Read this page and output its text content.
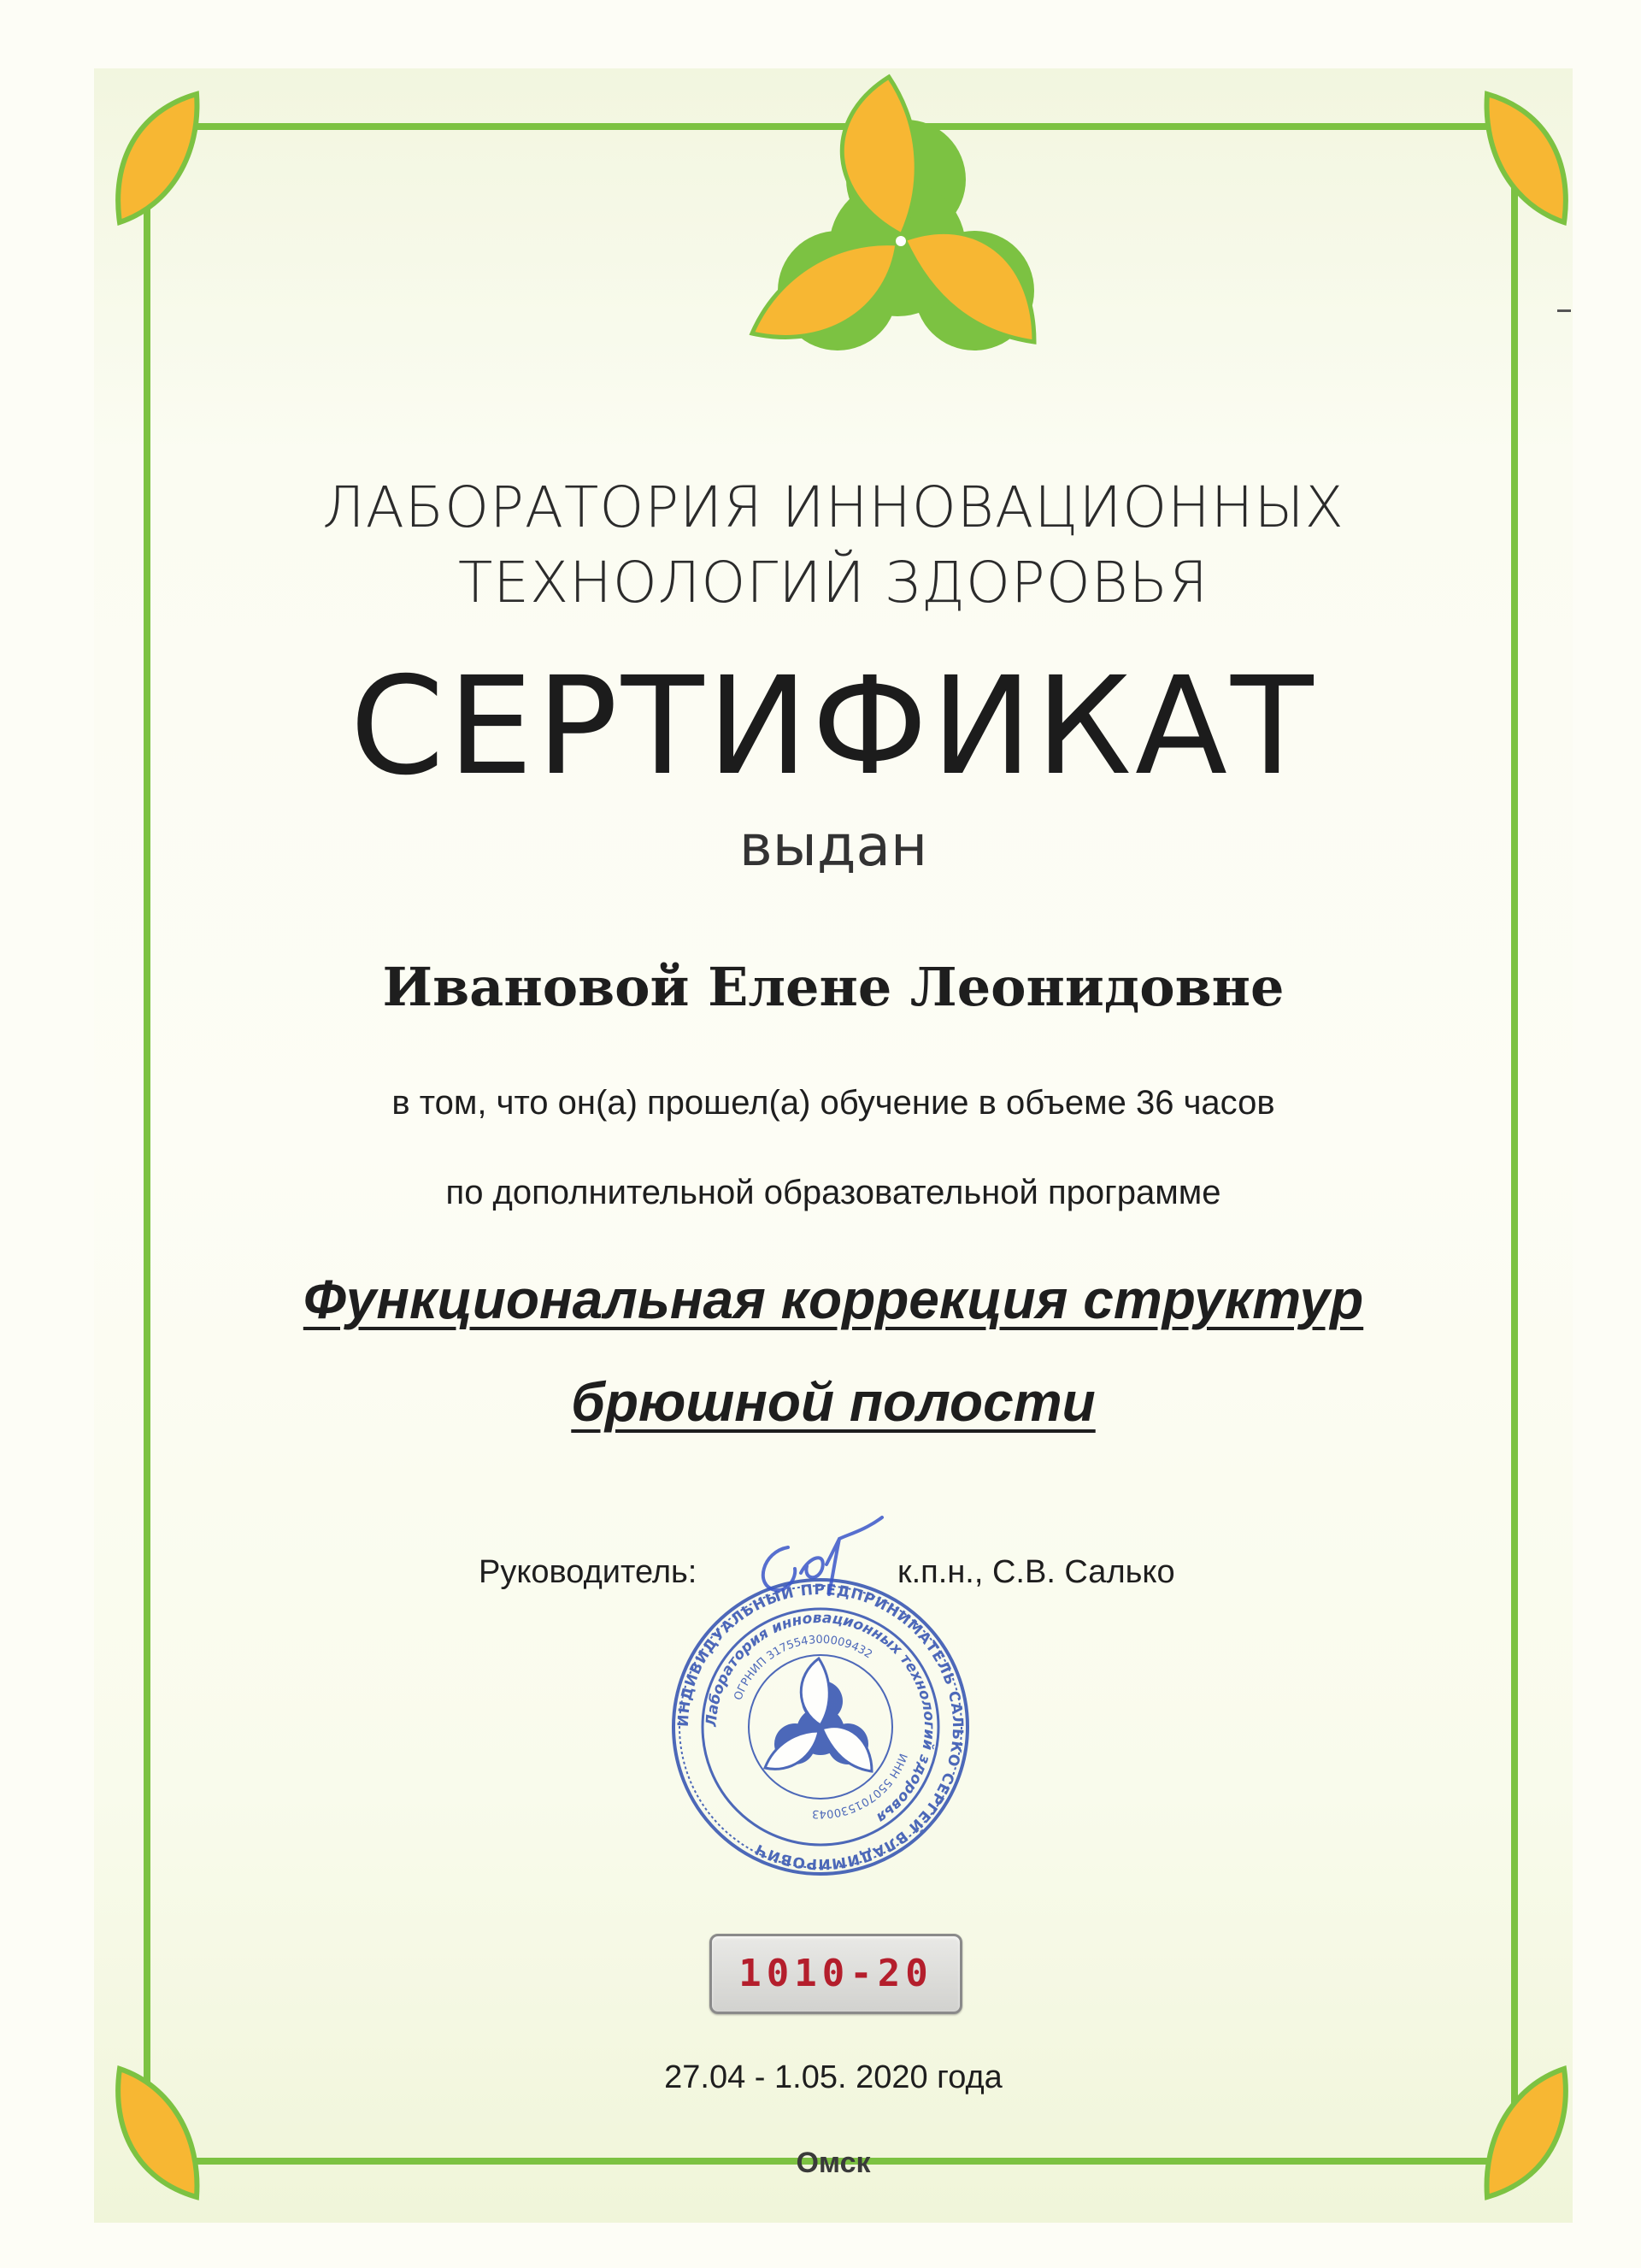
ЛАБОРАТОРИЯ ИННОВАЦИОННЫХ
ТЕХНОЛОГИЙ ЗДОРОВЬЯ
СЕРТИФИКАТ
выдан
Ивановой Елене Леонидовне
в том, что он(а) прошел(а) обучение в объеме 36 часов
по дополнительной образовательной программе
Функциональная коррекция структур
брюшной полости
Руководитель:	к.п.н., С.В. Салько
ИНДИВИДУАЛЬНЫЙ ПРЕДПРИНИМАТЕЛЬ САЛЬКО СЕРГЕЙ ВЛАДИМИРОВИЧ
Лаборатория инновационных технологий здоровья
ОГРНИП 317554300009432
ИНН 550701530043
1010-20
27.04 - 1.05. 2020 года
Омск
